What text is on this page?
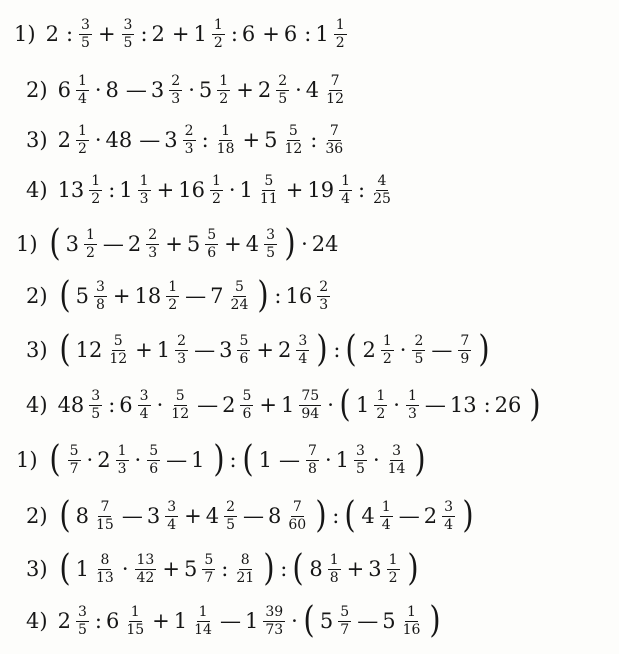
1) 2 : $\frac{3}{5} + \frac{3}{5}$ : $2 + 1 \frac{1}{2}$ : 6 + 6 : $1 \frac{1}{2}$
2) $6 \frac{1}{4} \cdot 8$ — $3 \frac{2}{3} \cdot 5 \frac{1}{2} + 2 \frac{2}{5} \cdot 4 \frac{7}{12}$
3) $2 \frac{1}{2} \cdot 48$ — $3 \frac{2}{3}$ : $\frac{1}{18} + 5 \frac{5}{12}$ : $\frac{7}{36}$
4) $13 \frac{1}{2}$ : $1 \frac{1}{3} + 16 \frac{1}{2} \cdot 1 \frac{5}{11} + 19 \frac{1}{4}$ : $\frac{4}{25}$
1) ( $3 \frac{1}{2}$ — $2 \frac{2}{3} + 5 \frac{5}{6} + 4 \frac{3}{5}$ ) · 24
2) ( $5 \frac{3}{8} + 18 \frac{1}{2}$ — $7 \frac{5}{24}$ ) : $16 \frac{2}{3}$
3) ( $12 \frac{5}{12} + 1 \frac{2}{3}$ — $3 \frac{5}{6} + 2 \frac{3}{4}$ ) : ( $2 \frac{1}{2} \cdot \frac{2}{5}$ — $\frac{7}{9}$ )
4) $48 \frac{3}{5}$ : $6 \frac{3}{4} \cdot \frac{5}{12}$ — $2 \frac{5}{6} + 1 \frac{75}{94}$ · ( $1 \frac{1}{2} \cdot \frac{1}{3}$ — 13 : 26 )
1) ( $\frac{5}{7} \cdot 2 \frac{1}{3} \cdot \frac{5}{6}$ — 1 ) : ( 1 — $\frac{7}{8} \cdot 1 \frac{3}{5} \cdot \frac{3}{14}$ )
2) ( $8 \frac{7}{15}$ — $3 \frac{3}{4} + 4 \frac{2}{5}$ — $8 \frac{7}{60}$ ) : ( $4 \frac{1}{4}$ — $2 \frac{3}{4}$ )
3) ( $1 \frac{8}{13} \cdot \frac{13}{42} + 5 \frac{5}{7}$ : $\frac{8}{21}$ ) : ( $8 \frac{1}{8} + 3 \frac{1}{2}$ )
4) $2 \frac{3}{5}$ : $6 \frac{1}{15} + 1 \frac{1}{14}$ — $1 \frac{39}{73}$ · ( $5 \frac{5}{7}$ — $5 \frac{1}{16}$ )
